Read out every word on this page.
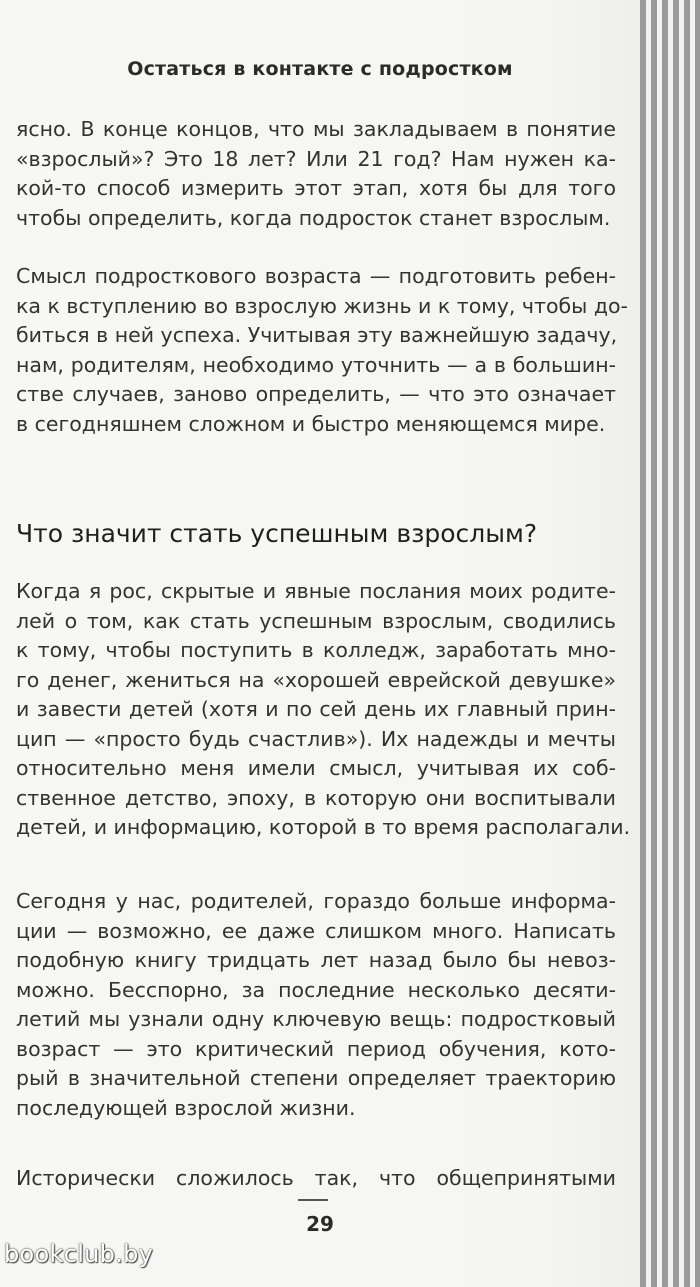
Остаться в контакте с подростком
ясно. В конце концов, что мы закладываем в понятие
«взрослый»? Это 18 лет? Или 21 год? Нам нужен ка-
кой-то способ измерить этот этап, хотя бы для того
чтобы определить, когда подросток станет взрослым.
Смысл подросткового возраста — подготовить ребен-
ка к вступлению во взрослую жизнь и к тому, чтобы до-
биться в ней успеха. Учитывая эту важнейшую задачу,
нам, родителям, необходимо уточнить — а в большин-
стве случаев, заново определить, — что это означает
в сегодняшнем сложном и быстро меняющемся мире.
Что значит стать успешным взрослым?
Когда я рос, скрытые и явные послания моих родите-
лей о том, как стать успешным взрослым, сводились
к тому, чтобы поступить в колледж, заработать мно-
го денег, жениться на «хорошей еврейской девушке»
и завести детей (хотя и по сей день их главный прин-
цип — «просто будь счастлив»). Их надежды и мечты
относительно меня имели смысл, учитывая их соб-
ственное детство, эпоху, в которую они воспитывали
детей, и информацию, которой в то время располагали.
Сегодня у нас, родителей, гораздо больше информа-
ции — возможно, ее даже слишком много. Написать
подобную книгу тридцать лет назад было бы невоз-
можно. Бесспорно, за последние несколько десяти-
летий мы узнали одну ключевую вещь: подростковый
возраст — это критический период обучения, кото-
рый в значительной степени определяет траекторию
последующей взрослой жизни.
Исторически сложилось так, что общепринятыми
29
bookclub.by
